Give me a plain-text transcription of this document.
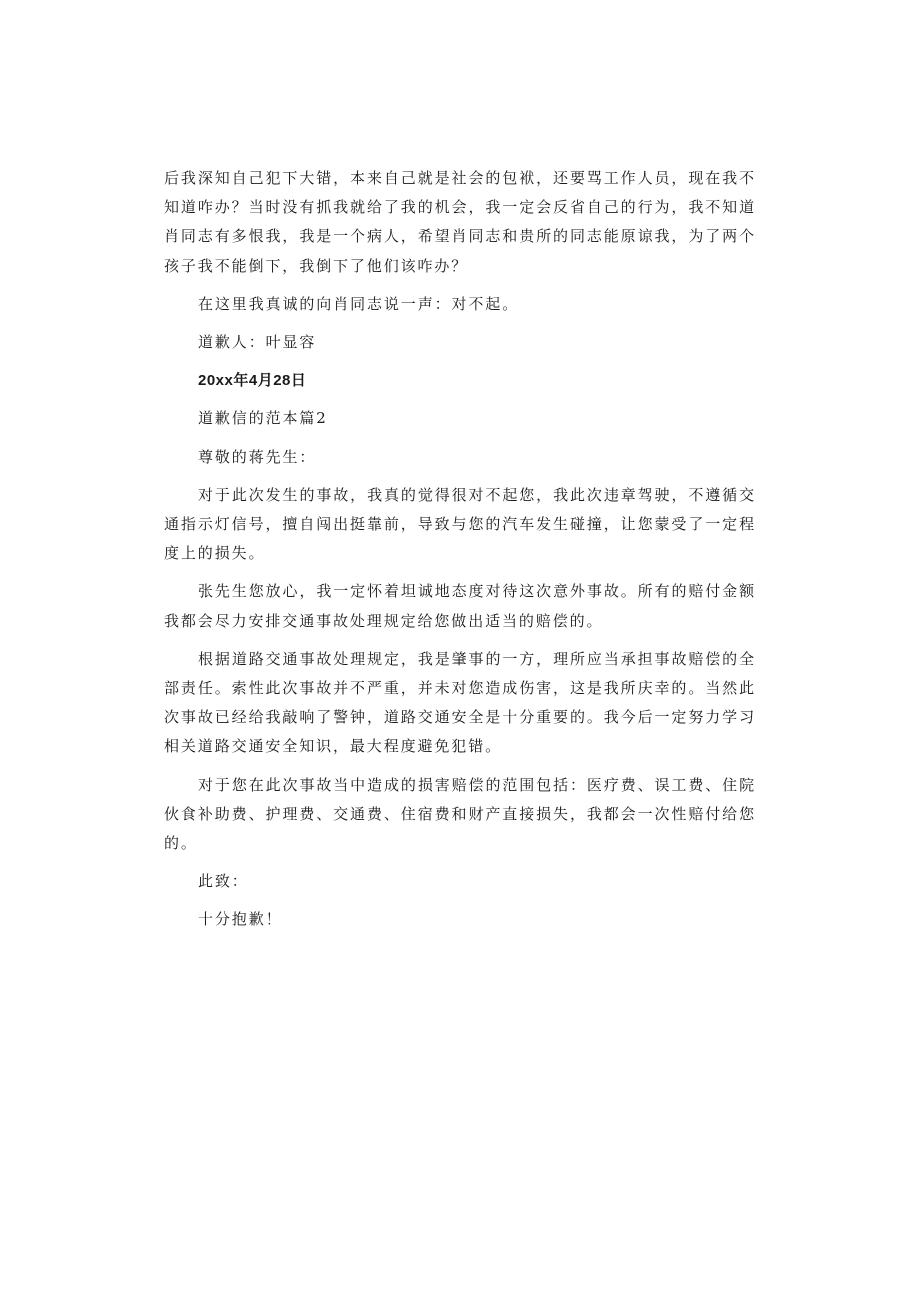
后我深知自己犯下大错，本来自己就是社会的包袱，还要骂工作人员，现在我不知道咋办？当时没有抓我就给了我的机会，我一定会反省自己的行为，我不知道肖同志有多恨我，我是一个病人，希望肖同志和贵所的同志能原谅我，为了两个孩子我不能倒下，我倒下了他们该咋办？

在这里我真诚的向肖同志说一声：对不起。

道歉人：叶显容

20xx年4月28日

道歉信的范本篇2

尊敬的蒋先生：

对于此次发生的事故，我真的觉得很对不起您，我此次违章驾驶，不遵循交通指示灯信号，擅自闯出挺靠前，导致与您的汽车发生碰撞，让您蒙受了一定程度上的损失。

张先生您放心，我一定怀着坦诚地态度对待这次意外事故。所有的赔付金额我都会尽力安排交通事故处理规定给您做出适当的赔偿的。

根据道路交通事故处理规定，我是肇事的一方，理所应当承担事故赔偿的全部责任。索性此次事故并不严重，并未对您造成伤害，这是我所庆幸的。当然此次事故已经给我敲响了警钟，道路交通安全是十分重要的。我今后一定努力学习相关道路交通安全知识，最大程度避免犯错。

对于您在此次事故当中造成的损害赔偿的范围包括：医疗费、误工费、住院伙食补助费、护理费、交通费、住宿费和财产直接损失，我都会一次性赔付给您的。

此致：

十分抱歉！
